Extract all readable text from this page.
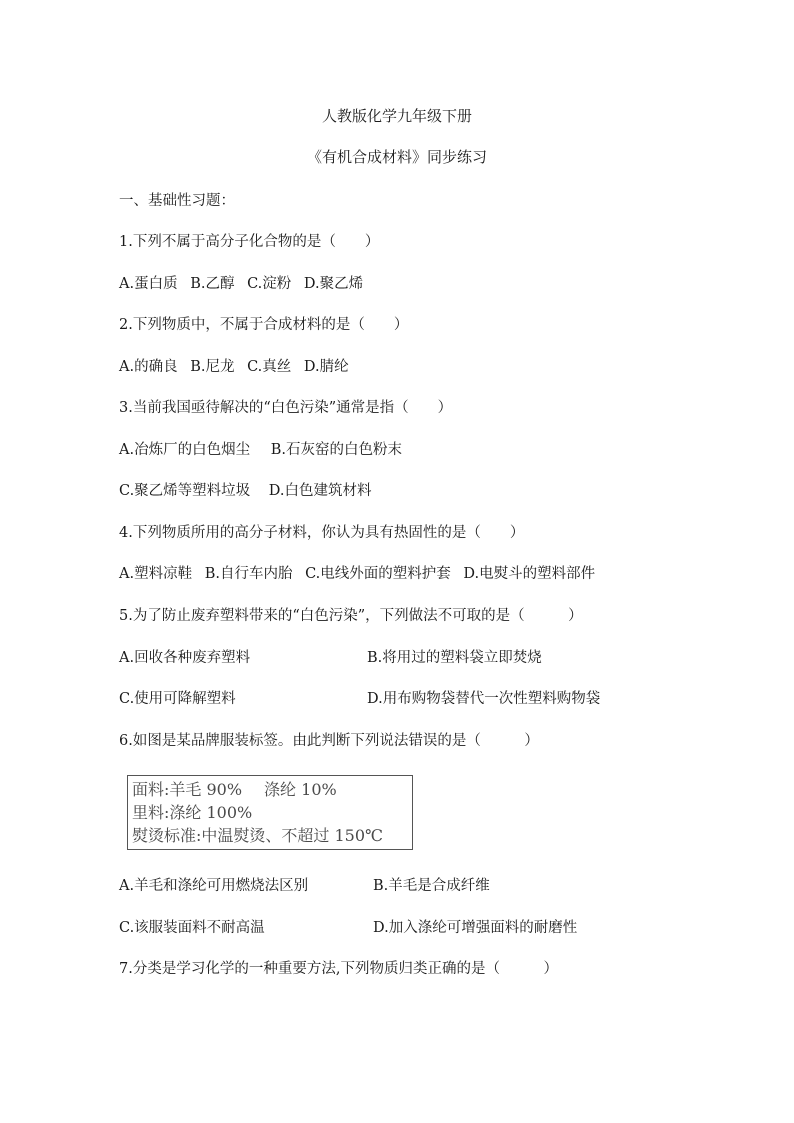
人教版化学九年级下册
《有机合成材料》同步练习
一、基础性习题：
1.下列不属于高分子化合物的是（　　）
A.蛋白质 B.乙醇 C.淀粉 D.聚乙烯
2.下列物质中，不属于合成材料的是（　　）
A.的确良 B.尼龙 C.真丝 D.腈纶
3.当前我国亟待解决的“白色污染”通常是指（　　）
A.冶炼厂的白色烟尘 B.石灰窑的白色粉末
C.聚乙烯等塑料垃圾 D.白色建筑材料
4.下列物质所用的高分子材料，你认为具有热固性的是（　　）
A.塑料凉鞋 B.自行车内胎 C.电线外面的塑料护套 D.电熨斗的塑料部件
5.为了防止废弃塑料带来的“白色污染”，下列做法不可取的是（　　　）
A.回收各种废弃塑料	B.将用过的塑料袋立即焚烧
C.使用可降解塑料	D.用布购物袋替代一次性塑料购物袋
6.如图是某品牌服装标签。由此判断下列说法错误的是（　　　）
面料:羊毛 90% 涤纶 10%
里料:涤纶 100%
熨烫标准:中温熨烫、不超过 150℃
A.羊毛和涤纶可用燃烧法区别	B.羊毛是合成纤维
C.该服装面料不耐高温	D.加入涤纶可增强面料的耐磨性
7.分类是学习化学的一种重要方法,下列物质归类正确的是（　　　）
